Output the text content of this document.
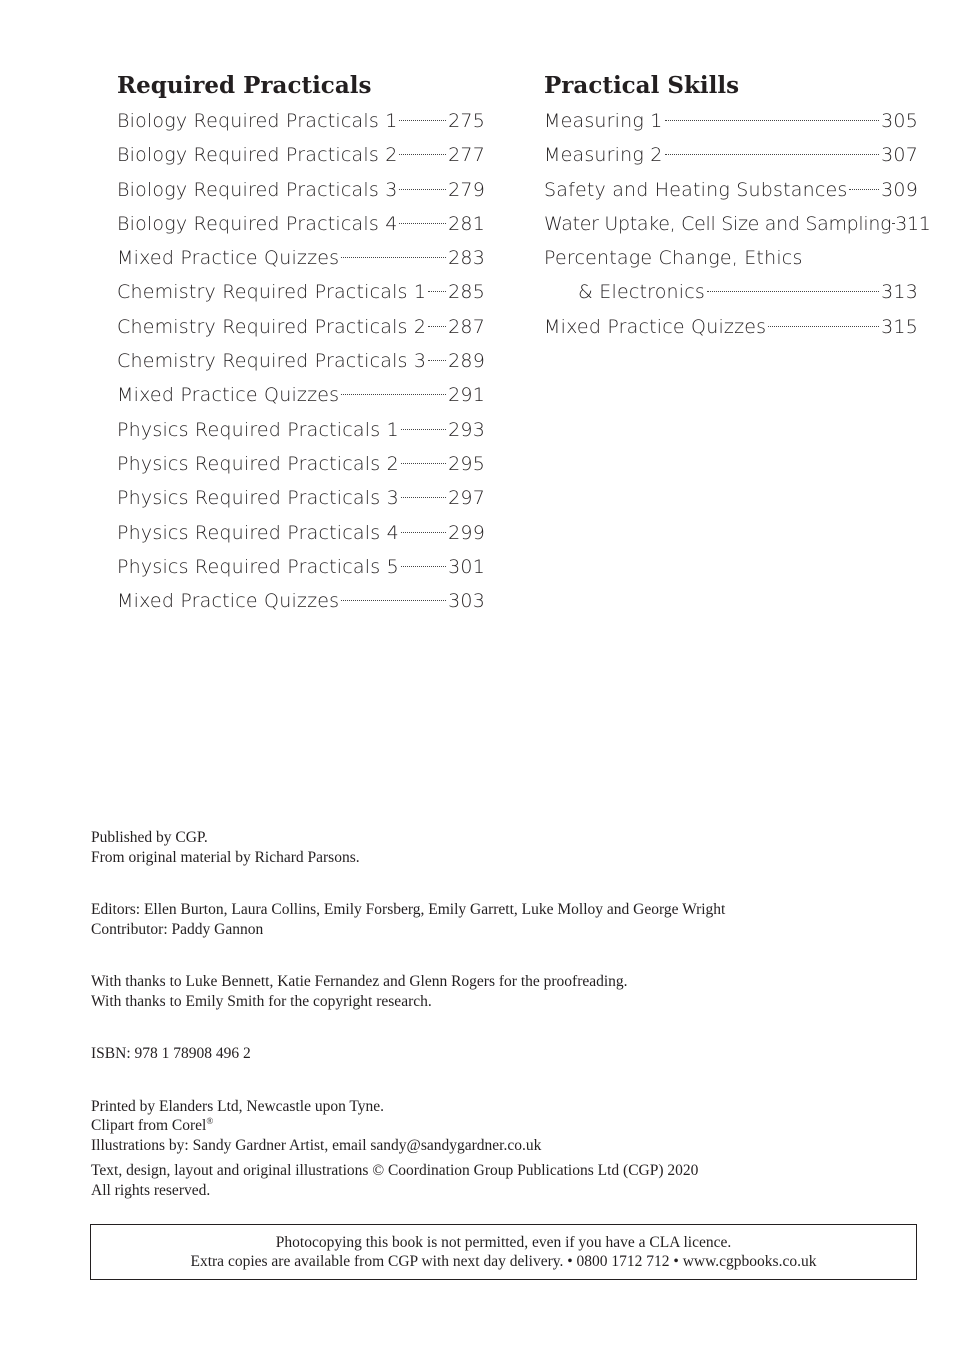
Required Practicals
Biology Required Practicals 1	275
Biology Required Practicals 2	277
Biology Required Practicals 3	279
Biology Required Practicals 4	281
Mixed Practice Quizzes	283
Chemistry Required Practicals 1 285
Chemistry Required Practicals 2 287
Chemistry Required Practicals 3 289
Mixed Practice Quizzes	291
Physics Required Practicals 1	293
Physics Required Practicals 2	295
Physics Required Practicals 3	297
Physics Required Practicals 4	299
Physics Required Practicals 5	301
Mixed Practice Quizzes	303
Practical Skills
Measuring 1	305
Measuring 2	307
Safety and Heating Substances 309
Water Uptake, Cell Size and Sampling 311
Percentage Change, Ethics
& Electronics	313
Mixed Practice Quizzes	315

Published by CGP.

From original material by Richard Parsons.

Editors: Ellen Burton, Laura Collins, Emily Forsberg, Emily Garrett, Luke Molloy and George Wright

Contributor: Paddy Gannon

With thanks to Luke Bennett, Katie Fernandez and Glenn Rogers for the proofreading.

With thanks to Emily Smith for the copyright research.

ISBN: 978 1 78908 496 2

Printed by Elanders Ltd, Newcastle upon Tyne.

Clipart from Corel®

Illustrations by: Sandy Gardner Artist, email sandy@sandygardner.co.uk

Text, design, layout and original illustrations © Coordination Group Publications Ltd (CGP) 2020

All rights reserved.

Photocopying this book is not permitted, even if you have a CLA licence.

Extra copies are available from CGP with next day delivery. • 0800 1712 712 • www.cgpbooks.co.uk
